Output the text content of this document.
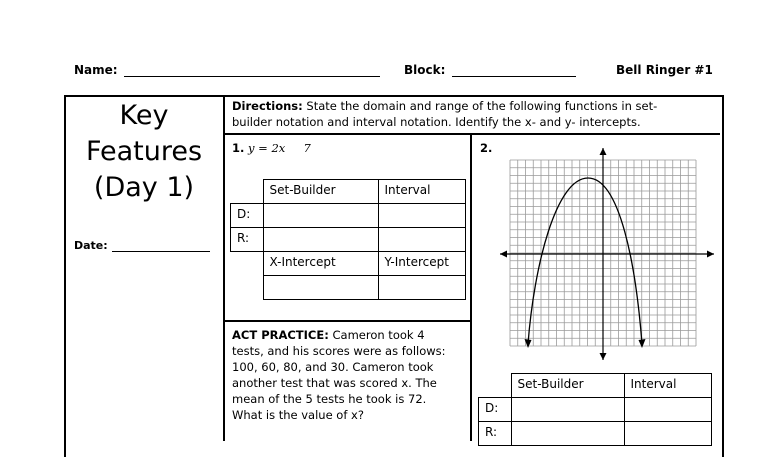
Name:	Block:	Bell Ringer #1
Key
Features
(Day 1)
Date:
Directions: State the domain and range of the following functions in set-
builder notation and interval notation. Identify the x- and y- intercepts.
1. y = 2x     7
	Set-Builder	Interval
D:		
R:		
	X-Intercept	Y-Intercept

ACT PRACTICE: Cameron took 4
tests, and his scores were as follows:
100, 60, 80, and 30. Cameron took
another test that was scored x. The
mean of the 5 tests he took is 72.
What is the value of x?
2.
	Set-Builder	Interval
D:		
R:		
